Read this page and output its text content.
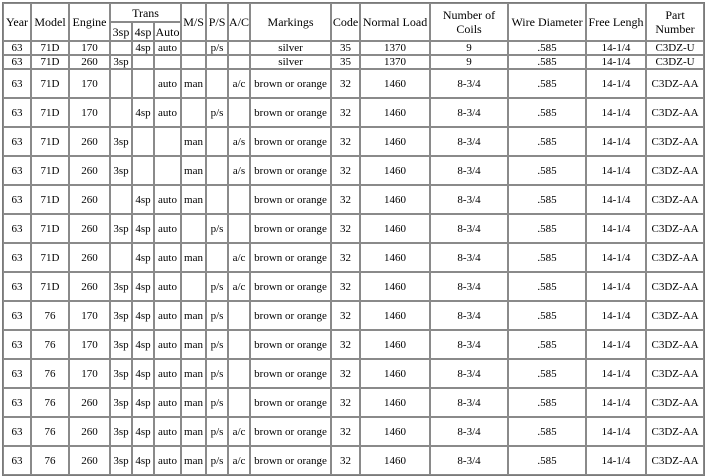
Year	Model	Engine	Trans			M/S	P/S	A/C	Markings	Code	Normal Load	Number of Coils	Wire Diameter	Free Lengh	Part Number
			3sp	4sp	Auto										
63	71D	170		4sp	auto		p/s		silver	35	1370	9	.585	14-1/4	C3DZ-U
63	71D	260	3sp						silver	35	1370	9	.585	14-1/4	C3DZ-U
63	71D	170			auto	man		a/c	brown or orange	32	1460	8-3/4	.585	14-1/4	C3DZ-AA
63	71D	170		4sp	auto		p/s		brown or orange	32	1460	8-3/4	.585	14-1/4	C3DZ-AA
63	71D	260	3sp			man		a/s	brown or orange	32	1460	8-3/4	.585	14-1/4	C3DZ-AA
63	71D	260	3sp			man		a/s	brown or orange	32	1460	8-3/4	.585	14-1/4	C3DZ-AA
63	71D	260		4sp	auto	man			brown or orange	32	1460	8-3/4	.585	14-1/4	C3DZ-AA
63	71D	260	3sp	4sp	auto		p/s		brown or orange	32	1460	8-3/4	.585	14-1/4	C3DZ-AA
63	71D	260		4sp	auto	man		a/c	brown or orange	32	1460	8-3/4	.585	14-1/4	C3DZ-AA
63	71D	260	3sp	4sp	auto		p/s	a/c	brown or orange	32	1460	8-3/4	.585	14-1/4	C3DZ-AA
63	76	170	3sp	4sp	auto	man	p/s		brown or orange	32	1460	8-3/4	.585	14-1/4	C3DZ-AA
63	76	170	3sp	4sp	auto	man	p/s		brown or orange	32	1460	8-3/4	.585	14-1/4	C3DZ-AA
63	76	170	3sp	4sp	auto	man	p/s		brown or orange	32	1460	8-3/4	.585	14-1/4	C3DZ-AA
63	76	260	3sp	4sp	auto	man	p/s		brown or orange	32	1460	8-3/4	.585	14-1/4	C3DZ-AA
63	76	260	3sp	4sp	auto	man	p/s	a/c	brown or orange	32	1460	8-3/4	.585	14-1/4	C3DZ-AA
63	76	260	3sp	4sp	auto	man	p/s	a/c	brown or orange	32	1460	8-3/4	.585	14-1/4	C3DZ-AA
